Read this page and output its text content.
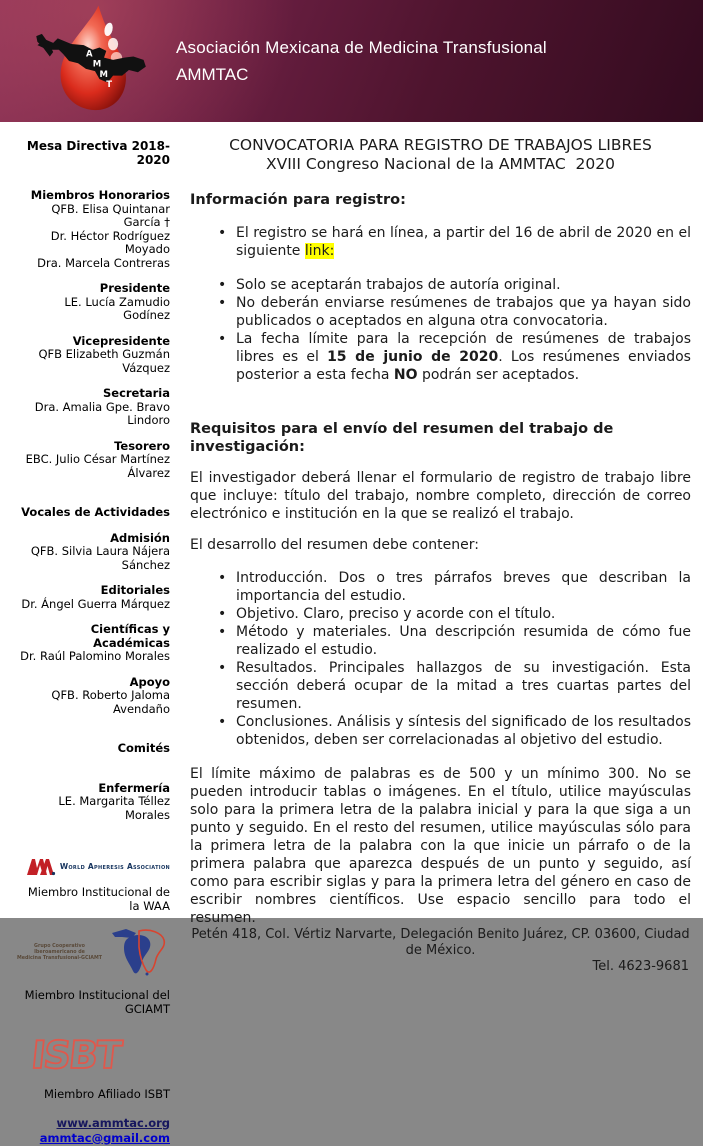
A
M
M
T
Asociación Mexicana de Medicina Transfusional
AMMTAC
Mesa Directiva 2018-2020
Miembros Honorarios
QFB. Elisa Quintanar García †
Dr. Héctor Rodríguez Moyado
Dra. Marcela Contreras
Presidente
LE. Lucía Zamudio Godínez
Vicepresidente
QFB Elizabeth Guzmán Vázquez
Secretaria
Dra. Amalia Gpe. Bravo Lindoro
Tesorero
EBC. Julio César Martínez Álvarez
Vocales de Actividades
Admisión
QFB. Silvia Laura Nájera Sánchez
Editoriales
Dr. Ángel Guerra Márquez
Científicas y Académicas
Dr. Raúl Palomino Morales
Apoyo
QFB. Roberto Jaloma Avendaño
Comités
Enfermería
LE. Margarita Téllez Morales
World Apheresis Association
Miembro Institucional de la WAA
Grupo Cooperativo Iberoamericano de
Medicina Transfusional-GCIAMT
Miembro Institucional del GCIAMT
ISBT
Miembro Afiliado ISBT
www.ammtac.org
ammtac@gmail.com
CONVOCATORIA PARA REGISTRO DE TRABAJOS LIBRES
XVIII Congreso Nacional de la AMMTAC  2020
Información para registro:
• El registro se hará en línea, a partir del 16 de abril de 2020 en el siguiente link:
• Solo se aceptarán trabajos de autoría original.
• No deberán enviarse resúmenes de trabajos que ya hayan sido publicados o aceptados en alguna otra convocatoria.
• La fecha límite para la recepción de resúmenes de trabajos libres es el 15 de junio de 2020. Los resúmenes enviados posterior a esta fecha NO podrán ser aceptados.
Requisitos para el envío del resumen del trabajo de investigación:

El investigador deberá llenar el formulario de registro de trabajo libre que incluye: título del trabajo, nombre completo, dirección de correo electrónico e institución en la que se realizó el trabajo.

El desarrollo del resumen debe contener:

• Introducción. Dos o tres párrafos breves que describan la importancia del estudio.
• Objetivo. Claro, preciso y acorde con el título.
• Método y materiales. Una descripción resumida de cómo fue realizado el estudio.
• Resultados. Principales hallazgos de su investigación. Esta sección deberá ocupar de la mitad a tres cuartas partes del resumen.
• Conclusiones. Análisis y síntesis del significado de los resultados obtenidos, deben ser correlacionadas al objetivo del estudio.

El límite máximo de palabras es de 500 y un mínimo 300. No se pueden introducir tablas o imágenes. En el título, utilice mayúsculas solo para la primera letra de la palabra inicial y para la que siga a un punto y seguido. En el resto del resumen, utilice mayúsculas sólo para la primera letra de la palabra con la que inicie un párrafo o de la primera palabra que aparezca después de un punto y seguido, así como para escribir siglas y para la primera letra del género en caso de escribir nombres científicos. Use espacio sencillo para todo el resumen.

Petén 418, Col. Vértiz Narvarte, Delegación Benito Juárez, CP. 03600, Ciudad de México.
Tel. 4623-9681
